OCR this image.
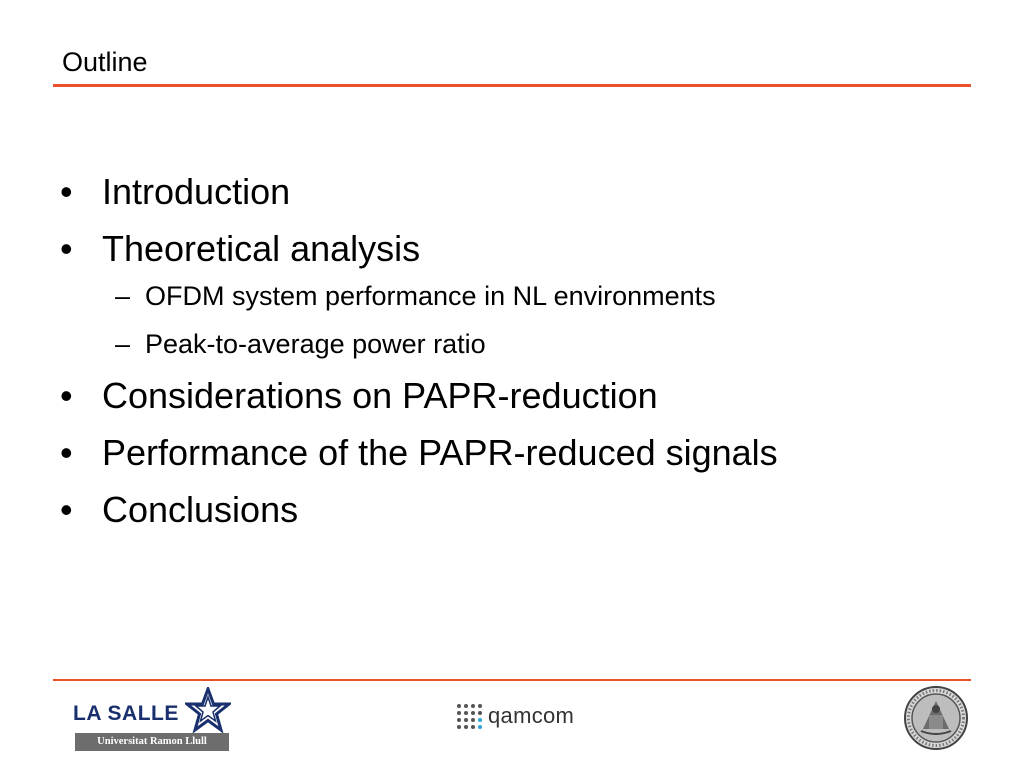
Outline
• Introduction
• Theoretical analysis
– OFDM system performance in NL environments
– Peak-to-average power ratio
• Considerations on PAPR-reduction
• Performance of the PAPR-reduced signals
• Conclusions
LA SALLE
Universitat Ramon Llull
qamcom
